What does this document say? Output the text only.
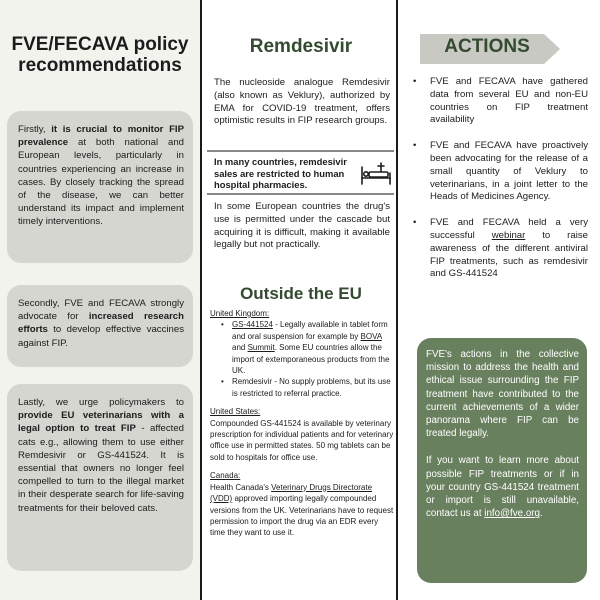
FVE/FECAVA policy recommendations

Firstly, it is crucial to monitor FIP prevalence at both national and European levels, particularly in countries experiencing an increase in cases. By closely tracking the spread of the disease, we can better understand its impact and implement timely interventions.

Secondly, FVE and FECAVA strongly advocate for increased research efforts to develop effective vaccines against FIP.

Lastly, we urge policymakers to provide EU veterinarians with a legal option to treat FIP - affected cats e.g., allowing them to use either Remdesivir or GS-441524. It is essential that owners no longer feel compelled to turn to the illegal market in their desperate search for life-saving treatments for their beloved cats.

Remdesivir
The nucleoside analogue Remdesivir (also known as Veklury), authorized by EMA for COVID-19 treatment, offers optimistic results in FIP research groups.
In many countries, remdesivir sales are restricted to human hospital pharmacies.
In some European countries the drug's use is permitted under the cascade but acquiring it is difficult, making it available legally but not practically.
Outside the EU
United Kingdom:
• GS-441524 - Legally available in tablet form and oral suspension for example by BOVA and Summit. Some EU countries allow the import of extemporaneous products from the UK.
• Remdesivir - No supply problems, but its use is restricted to referral practice.
United States:
Compounded GS-441524 is available by veterinary prescription for individual patients and for veterinary office use in permitted states. 50 mg tablets can be sold to hospitals for office use.
Canada:
Health Canada's Veterinary Drugs Directorate (VDD) approved importing legally compounded versions from the UK. Veterinarians have to request permission to import the drug via an EDR every time they want to use it.
ACTIONS
• FVE and FECAVA have gathered data from several EU and non-EU countries on FIP treatment availability
• FVE and FECAVA have proactively been advocating for the release of a small quantity of Veklury to veterinarians, in a joint letter to the Heads of Medicines Agency.
• FVE and FECAVA held a very successful webinar to raise awareness of the different antiviral FIP treatments, such as remdesivir and GS-441524

FVE's actions in the collective mission to address the health and ethical issue surrounding the FIP treatment have contributed to the current achievements of a wider panorama where FIP can be treated legally.

If you want to learn more about possible FIP treatments or if in your country GS-441524 treatment or import is still unavailable, contact us at info@fve.org.
